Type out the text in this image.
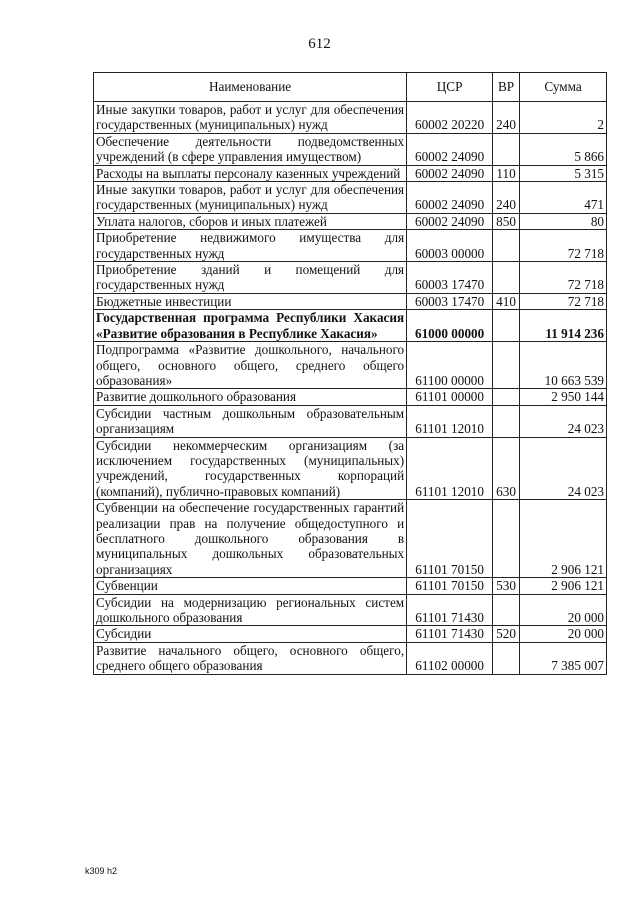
612
Наименование	ЦСР	ВР	Сумма
Иные закупки товаров, работ и услуг для обеспечения государственных (муниципальных) нужд	60002 20220	240	2
Обеспечение деятельности подведомственных учреждений (в сфере управления имуществом)	60002 24090		5 866
Расходы на выплаты персоналу казенных учреждений	60002 24090	110	5 315
Иные закупки товаров, работ и услуг для обеспечения государственных (муниципальных) нужд	60002 24090	240	471
Уплата налогов, сборов и иных платежей	60002 24090	850	80
Приобретение недвижимого имущества для государственных нужд	60003 00000		72 718
Приобретение зданий и помещений для государственных нужд	60003 17470		72 718
Бюджетные инвестиции	60003 17470	410	72 718
Государственная программа Республики Хакасия «Развитие образования в Республике Хакасия»	61000 00000		11 914 236
Подпрограмма «Развитие дошкольного, начального общего, основного общего, среднего общего образования»	61100 00000		10 663 539
Развитие дошкольного образования	61101 00000		2 950 144
Субсидии частным дошкольным образовательным организациям	61101 12010		24 023
Субсидии некоммерческим организациям (за исключением государственных (муниципальных) учреждений, государственных корпораций (компаний), публично-правовых компаний)	61101 12010	630	24 023
Субвенции на обеспечение государственных гарантий реализации прав на получение общедоступного и бесплатного дошкольного образования в муниципальных дошкольных образовательных организациях	61101 70150		2 906 121
Субвенции	61101 70150	530	2 906 121
Субсидии на модернизацию региональных систем дошкольного образования	61101 71430		20 000
Субсидии	61101 71430	520	20 000
Развитие начального общего, основного общего, среднего общего образования	61102 00000		7 385 007
k309 h2
